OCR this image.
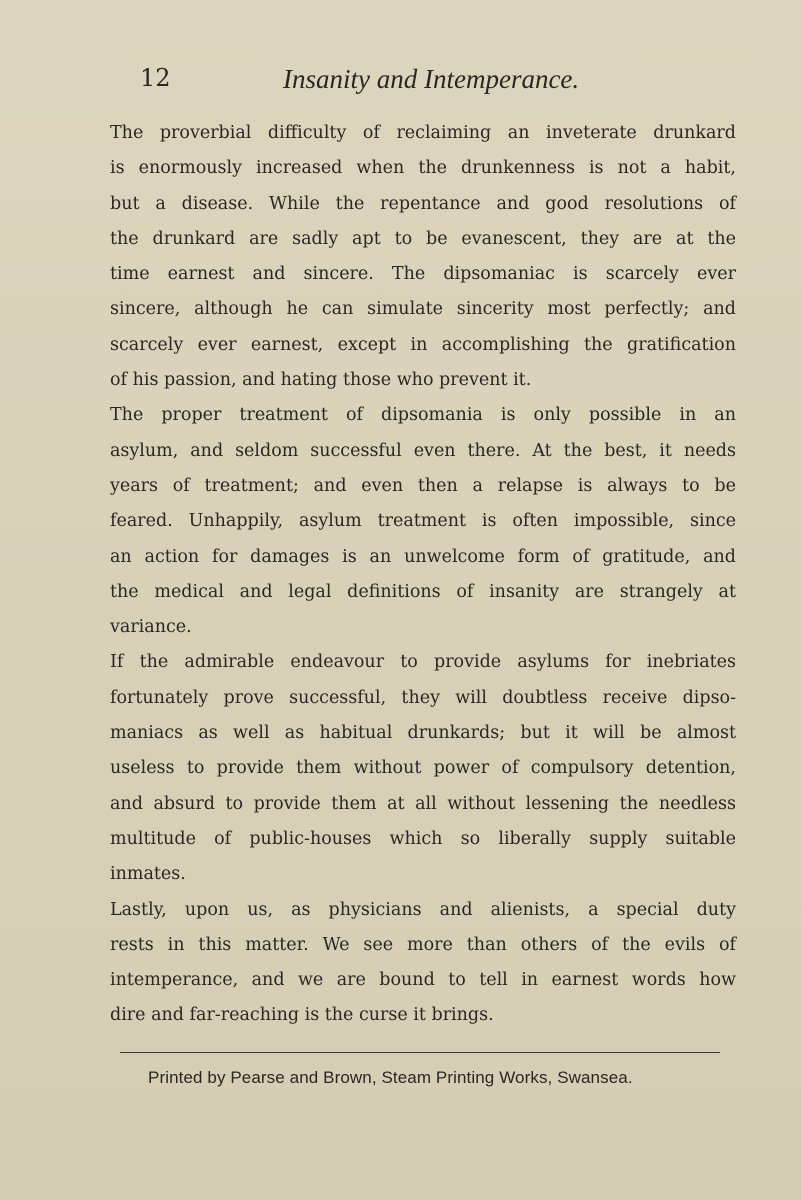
12	Insanity and Intemperance.

The proverbial difficulty of reclaiming an inveterate drunkard
is enormously increased when the drunkenness is not a habit,
but a disease. While the repentance and good resolutions of
the drunkard are sadly apt to be evanescent, they are at the
time earnest and sincere. The dipsomaniac is scarcely ever
sincere, although he can simulate sincerity most perfectly; and
scarcely ever earnest, except in accomplishing the gratification
of his passion, and hating those who prevent it.

The proper treatment of dipsomania is only possible in an
asylum, and seldom successful even there. At the best, it needs
years of treatment; and even then a relapse is always to be
feared. Unhappily, asylum treatment is often impossible, since
an action for damages is an unwelcome form of gratitude, and
the medical and legal definitions of insanity are strangely at
variance.

If the admirable endeavour to provide asylums for inebriates
fortunately prove successful, they will doubtless receive dipso-
maniacs as well as habitual drunkards; but it will be almost
useless to provide them without power of compulsory detention,
and absurd to provide them at all without lessening the needless
multitude of public-houses which so liberally supply suitable
inmates.

Lastly, upon us, as physicians and alienists, a special duty
rests in this matter. We see more than others of the evils of
intemperance, and we are bound to tell in earnest words how
dire and far-reaching is the curse it brings.

Printed by Pearse and Brown, Steam Printing Works, Swansea.
